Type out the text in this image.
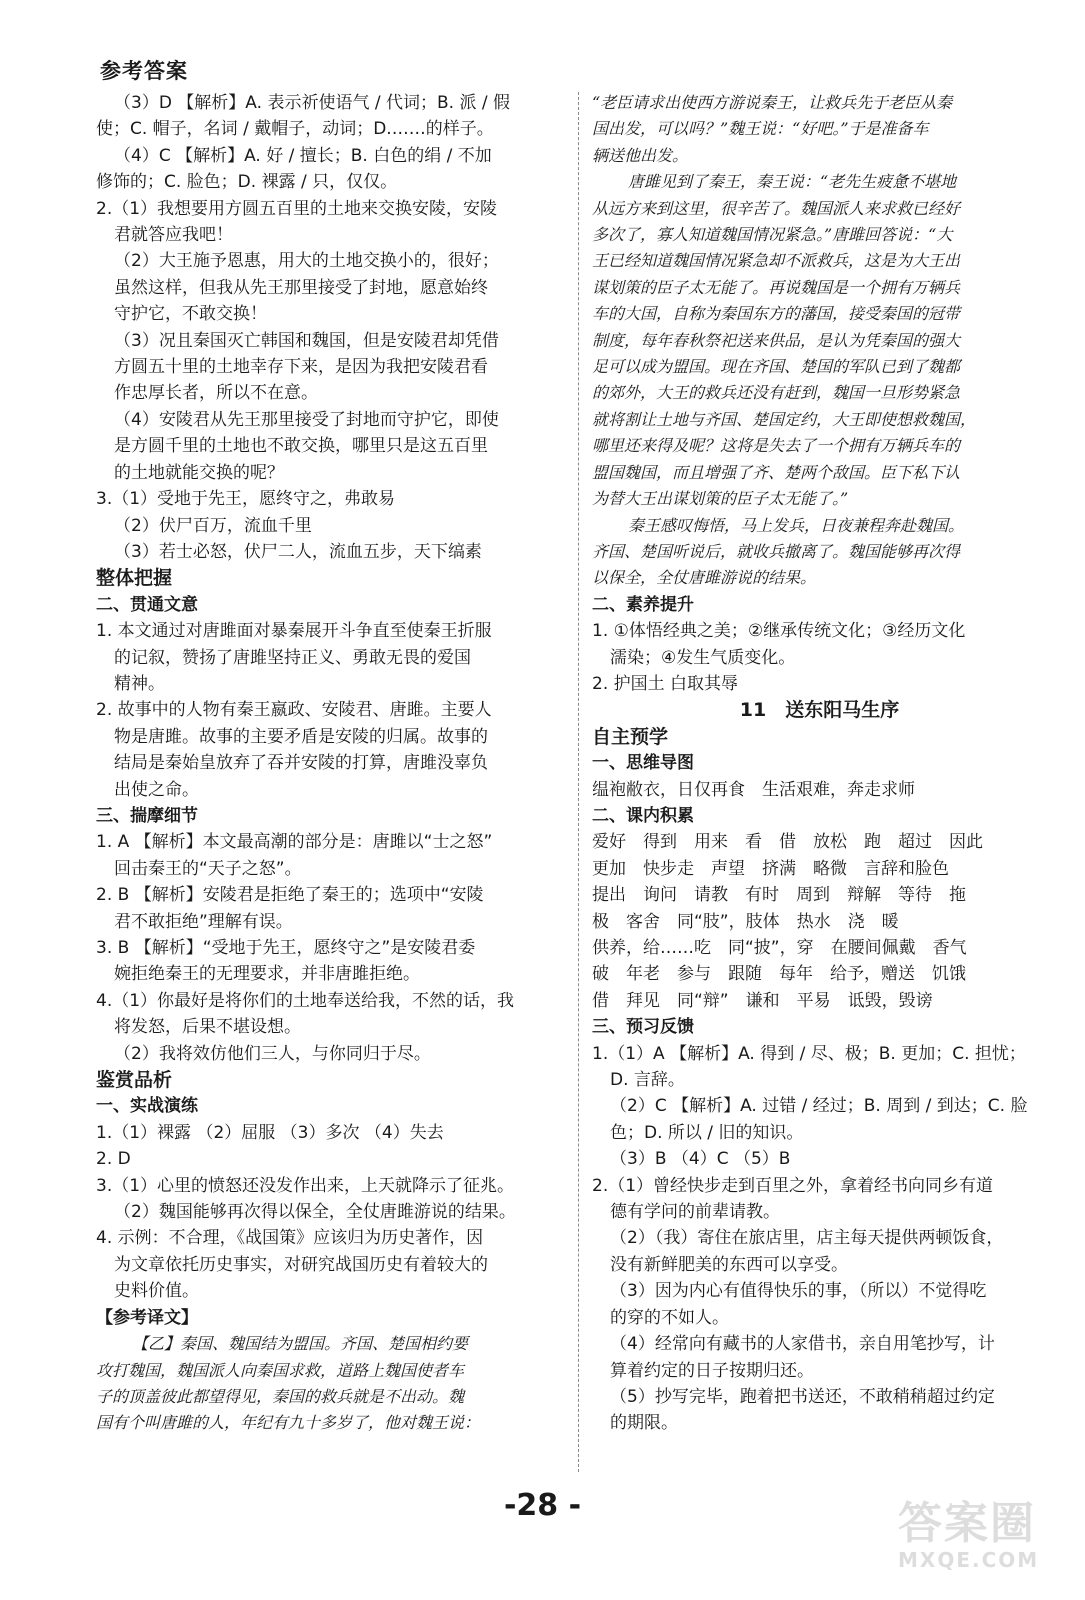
参考答案
（3）D 【解析】A. 表示祈使语气 / 代词；B. 派 / 假
使；C. 帽子，名词 / 戴帽子，动词；D.……的样子。
（4）C 【解析】A. 好 / 擅长；B. 白色的绢 / 不加
修饰的；C. 脸色；D. 裸露 / 只，仅仅。
2.（1）我想要用方圆五百里的土地来交换安陵，安陵
君就答应我吧！
（2）大王施予恩惠，用大的土地交换小的，很好；
虽然这样，但我从先王那里接受了封地，愿意始终
守护它，不敢交换！
（3）况且秦国灭亡韩国和魏国，但是安陵君却凭借
方圆五十里的土地幸存下来，是因为我把安陵君看
作忠厚长者，所以不在意。
（4）安陵君从先王那里接受了封地而守护它，即使
是方圆千里的土地也不敢交换，哪里只是这五百里
的土地就能交换的呢？
3.（1）受地于先王，愿终守之，弗敢易
（2）伏尸百万，流血千里
（3）若士必怒，伏尸二人，流血五步，天下缟素
整体把握
二、贯通文意
1. 本文通过对唐雎面对暴秦展开斗争直至使秦王折服
的记叙，赞扬了唐雎坚持正义、勇敢无畏的爱国
精神。
2. 故事中的人物有秦王嬴政、安陵君、唐雎。主要人
物是唐雎。故事的主要矛盾是安陵的归属。故事的
结局是秦始皇放弃了吞并安陵的打算，唐雎没辜负
出使之命。
三、揣摩细节
1. A 【解析】本文最高潮的部分是：唐雎以“士之怒”
回击秦王的“天子之怒”。
2. B 【解析】安陵君是拒绝了秦王的；选项中“安陵
君不敢拒绝”理解有误。
3. B 【解析】“受地于先王，愿终守之”是安陵君委
婉拒绝秦王的无理要求，并非唐雎拒绝。
4.（1）你最好是将你们的土地奉送给我，不然的话，我
将发怒，后果不堪设想。
（2）我将效仿他们三人，与你同归于尽。
鉴赏品析
一、实战演练
1.（1）裸露 （2）屈服 （3）多次 （4）失去
2. D
3.（1）心里的愤怒还没发作出来，上天就降示了征兆。
（2）魏国能够再次得以保全，全仗唐雎游说的结果。
4. 示例：不合理，《战国策》应该归为历史著作，因
为文章依托历史事实，对研究战国历史有着较大的
史料价值。
【参考译文】
【乙】秦国、魏国结为盟国。齐国、楚国相约要
攻打魏国，魏国派人向秦国求救，道路上魏国使者车
子的顶盖彼此都望得见，秦国的救兵就是不出动。魏
国有个叫唐雎的人，年纪有九十多岁了，他对魏王说：
“老臣请求出使西方游说秦王，让救兵先于老臣从秦
国出发，可以吗？”魏王说：“好吧。”于是准备车
辆送他出发。
唐雎见到了秦王，秦王说：“老先生疲惫不堪地
从远方来到这里，很辛苦了。魏国派人来求救已经好
多次了，寡人知道魏国情况紧急。”唐雎回答说：“大
王已经知道魏国情况紧急却不派救兵，这是为大王出
谋划策的臣子太无能了。再说魏国是一个拥有万辆兵
车的大国，自称为秦国东方的藩国，接受秦国的冠带
制度，每年春秋祭祀送来供品，是认为凭秦国的强大
足可以成为盟国。现在齐国、楚国的军队已到了魏都
的郊外，大王的救兵还没有赶到，魏国一旦形势紧急
就将割让土地与齐国、楚国定约，大王即使想救魏国，
哪里还来得及呢？这将是失去了一个拥有万辆兵车的
盟国魏国，而且增强了齐、楚两个敌国。臣下私下认
为替大王出谋划策的臣子太无能了。”
秦王感叹悔悟，马上发兵，日夜兼程奔赴魏国。
齐国、楚国听说后，就收兵撤离了。魏国能够再次得
以保全，全仗唐雎游说的结果。
二、素养提升
1. ①体悟经典之美；②继承传统文化；③经历文化
濡染；④发生气质变化。
2. 护国土 白取其辱
11　送东阳马生序
自主预学
一、思维导图
缊袍敝衣，日仅再食　生活艰难，奔走求师
二、课内积累
爱好　得到　用来　看　借　放松　跑　超过　因此
更加　快步走　声望　挤满　略微　言辞和脸色
提出　询问　请教　有时　周到　辩解　等待　拖
极　客舍　同“肢”，肢体　热水　浇　暖
供养，给……吃　同“披”，穿　在腰间佩戴　香气
破　年老　参与　跟随　每年　给予，赠送　饥饿
借　拜见　同“辩”　谦和　平易　诋毁，毁谤
三、预习反馈
1.（1）A 【解析】A. 得到 / 尽、极；B. 更加；C. 担忧；
D. 言辞。
（2）C 【解析】A. 过错 / 经过；B. 周到 / 到达；C. 脸
色；D. 所以 / 旧的知识。
（3）B （4）C （5）B
2.（1）曾经快步走到百里之外，拿着经书向同乡有道
德有学问的前辈请教。
（2）（我）寄住在旅店里，店主每天提供两顿饭食，
没有新鲜肥美的东西可以享受。
（3）因为内心有值得快乐的事，（所以）不觉得吃
的穿的不如人。
（4）经常向有藏书的人家借书，亲自用笔抄写，计
算着约定的日子按期归还。
（5）抄写完毕，跑着把书送还，不敢稍稍超过约定
的期限。
-28 -	答案圈
MXQE.COM
